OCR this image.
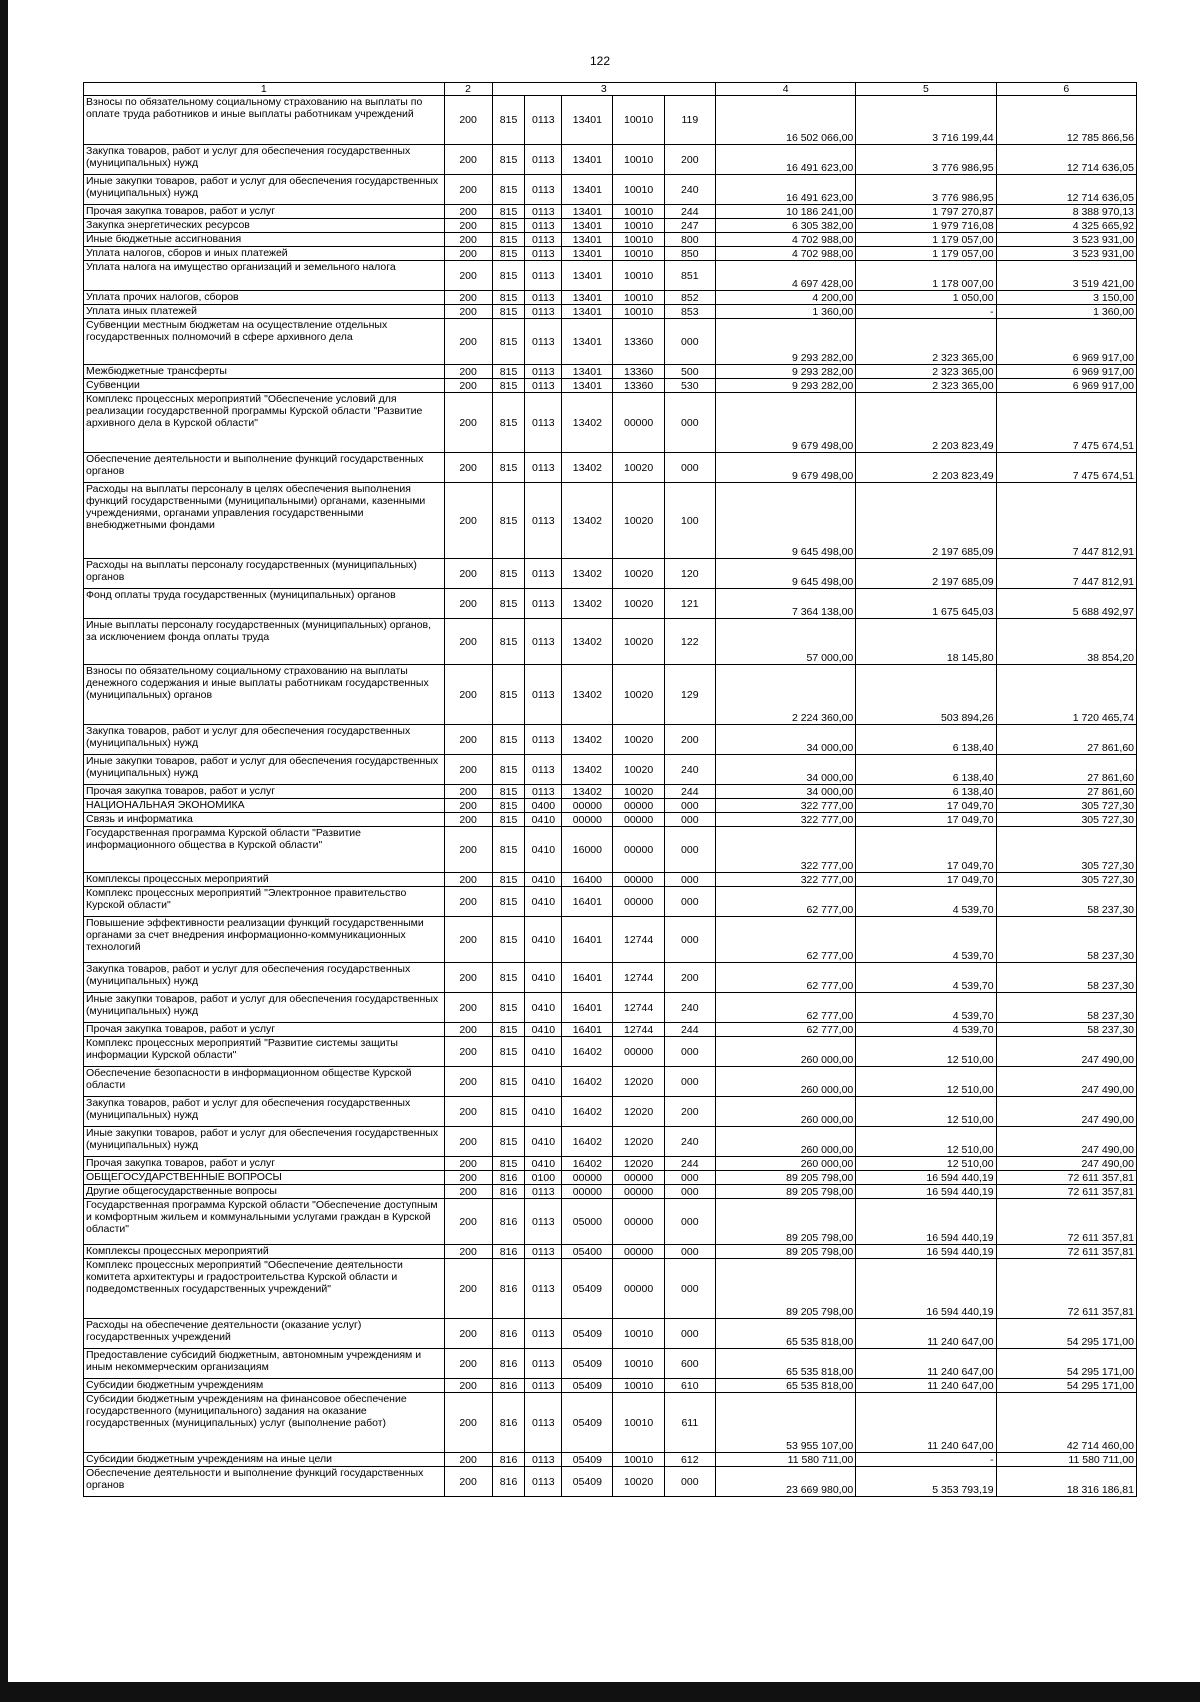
122
1	2	3					4	5	6
Взносы по обязательному социальному страхованию на выплаты по оплате труда работников и иные выплаты работникам учреждений	200	815	0113	13401	10010	119	16 502 066,00	3 716 199,44	12 785 866,56
Закупка товаров, работ и услуг для обеспечения государственных (муниципальных) нужд	200	815	0113	13401	10010	200	16 491 623,00	3 776 986,95	12 714 636,05
Иные закупки товаров, работ и услуг для обеспечения государственных (муниципальных) нужд	200	815	0113	13401	10010	240	16 491 623,00	3 776 986,95	12 714 636,05
Прочая закупка товаров, работ и услуг	200	815	0113	13401	10010	244	10 186 241,00	1 797 270,87	8 388 970,13
Закупка энергетических ресурсов	200	815	0113	13401	10010	247	6 305 382,00	1 979 716,08	4 325 665,92
Иные бюджетные ассигнования	200	815	0113	13401	10010	800	4 702 988,00	1 179 057,00	3 523 931,00
Уплата налогов, сборов и иных платежей	200	815	0113	13401	10010	850	4 702 988,00	1 179 057,00	3 523 931,00
Уплата налога на имущество организаций и земельного налога	200	815	0113	13401	10010	851	4 697 428,00	1 178 007,00	3 519 421,00
Уплата прочих налогов, сборов	200	815	0113	13401	10010	852	4 200,00	1 050,00	3 150,00
Уплата иных платежей	200	815	0113	13401	10010	853	1 360,00	-	1 360,00
Субвенции местным бюджетам на осуществление отдельных государственных полномочий в сфере архивного дела	200	815	0113	13401	13360	000	9 293 282,00	2 323 365,00	6 969 917,00
Межбюджетные трансферты	200	815	0113	13401	13360	500	9 293 282,00	2 323 365,00	6 969 917,00
Субвенции	200	815	0113	13401	13360	530	9 293 282,00	2 323 365,00	6 969 917,00
Комплекс процессных мероприятий "Обеспечение условий для реализации государственной программы Курской области "Развитие архивного дела в Курской области"	200	815	0113	13402	00000	000	9 679 498,00	2 203 823,49	7 475 674,51
Обеспечение деятельности и выполнение функций государственных органов	200	815	0113	13402	10020	000	9 679 498,00	2 203 823,49	7 475 674,51
Расходы на выплаты персоналу в целях обеспечения выполнения функций государственными (муниципальными) органами, казенными учреждениями, органами управления государственными внебюджетными фондами	200	815	0113	13402	10020	100	9 645 498,00	2 197 685,09	7 447 812,91
Расходы на выплаты персоналу государственных (муниципальных) органов	200	815	0113	13402	10020	120	9 645 498,00	2 197 685,09	7 447 812,91
Фонд оплаты труда государственных (муниципальных) органов	200	815	0113	13402	10020	121	7 364 138,00	1 675 645,03	5 688 492,97
Иные выплаты персоналу государственных (муниципальных) органов, за исключением фонда оплаты труда	200	815	0113	13402	10020	122	57 000,00	18 145,80	38 854,20
Взносы по обязательному социальному страхованию на выплаты денежного содержания и иные выплаты работникам государственных (муниципальных) органов	200	815	0113	13402	10020	129	2 224 360,00	503 894,26	1 720 465,74
Закупка товаров, работ и услуг для обеспечения государственных (муниципальных) нужд	200	815	0113	13402	10020	200	34 000,00	6 138,40	27 861,60
Иные закупки товаров, работ и услуг для обеспечения государственных (муниципальных) нужд	200	815	0113	13402	10020	240	34 000,00	6 138,40	27 861,60
Прочая закупка товаров, работ и услуг	200	815	0113	13402	10020	244	34 000,00	6 138,40	27 861,60
НАЦИОНАЛЬНАЯ ЭКОНОМИКА	200	815	0400	00000	00000	000	322 777,00	17 049,70	305 727,30
Связь и информатика	200	815	0410	00000	00000	000	322 777,00	17 049,70	305 727,30
Государственная программа Курской области "Развитие информационного общества в Курской области"	200	815	0410	16000	00000	000	322 777,00	17 049,70	305 727,30
Комплексы процессных мероприятий	200	815	0410	16400	00000	000	322 777,00	17 049,70	305 727,30
Комплекс процессных мероприятий "Электронное правительство Курской области"	200	815	0410	16401	00000	000	62 777,00	4 539,70	58 237,30
Повышение эффективности реализации функций государственными органами за счет внедрения информационно-коммуникационных технологий	200	815	0410	16401	12744	000	62 777,00	4 539,70	58 237,30
Закупка товаров, работ и услуг для обеспечения государственных (муниципальных) нужд	200	815	0410	16401	12744	200	62 777,00	4 539,70	58 237,30
Иные закупки товаров, работ и услуг для обеспечения государственных (муниципальных) нужд	200	815	0410	16401	12744	240	62 777,00	4 539,70	58 237,30
Прочая закупка товаров, работ и услуг	200	815	0410	16401	12744	244	62 777,00	4 539,70	58 237,30
Комплекс процессных мероприятий "Развитие системы защиты информации Курской области"	200	815	0410	16402	00000	000	260 000,00	12 510,00	247 490,00
Обеспечение безопасности в информационном обществе Курской области	200	815	0410	16402	12020	000	260 000,00	12 510,00	247 490,00
Закупка товаров, работ и услуг для обеспечения государственных (муниципальных) нужд	200	815	0410	16402	12020	200	260 000,00	12 510,00	247 490,00
Иные закупки товаров, работ и услуг для обеспечения государственных (муниципальных) нужд	200	815	0410	16402	12020	240	260 000,00	12 510,00	247 490,00
Прочая закупка товаров, работ и услуг	200	815	0410	16402	12020	244	260 000,00	12 510,00	247 490,00
ОБЩЕГОСУДАРСТВЕННЫЕ ВОПРОСЫ	200	816	0100	00000	00000	000	89 205 798,00	16 594 440,19	72 611 357,81
Другие общегосударственные вопросы	200	816	0113	00000	00000	000	89 205 798,00	16 594 440,19	72 611 357,81
Государственная программа Курской области "Обеспечение доступным и комфортным жильем и коммунальными услугами граждан в Курской области"	200	816	0113	05000	00000	000	89 205 798,00	16 594 440,19	72 611 357,81
Комплексы процессных мероприятий	200	816	0113	05400	00000	000	89 205 798,00	16 594 440,19	72 611 357,81
Комплекс процессных мероприятий "Обеспечение деятельности комитета архитектуры и градостроительства Курской области и подведомственных государственных учреждений"	200	816	0113	05409	00000	000	89 205 798,00	16 594 440,19	72 611 357,81
Расходы на обеспечение деятельности (оказание услуг) государственных учреждений	200	816	0113	05409	10010	000	65 535 818,00	11 240 647,00	54 295 171,00
Предоставление субсидий бюджетным, автономным учреждениям и иным некоммерческим организациям	200	816	0113	05409	10010	600	65 535 818,00	11 240 647,00	54 295 171,00
Субсидии бюджетным учреждениям	200	816	0113	05409	10010	610	65 535 818,00	11 240 647,00	54 295 171,00
Субсидии бюджетным учреждениям на финансовое обеспечение государственного (муниципального) задания на оказание государственных (муниципальных) услуг (выполнение работ)	200	816	0113	05409	10010	611	53 955 107,00	11 240 647,00	42 714 460,00
Субсидии бюджетным учреждениям на иные цели	200	816	0113	05409	10010	612	11 580 711,00	-	11 580 711,00
Обеспечение деятельности и выполнение функций государственных органов	200	816	0113	05409	10020	000	23 669 980,00	5 353 793,19	18 316 186,81
